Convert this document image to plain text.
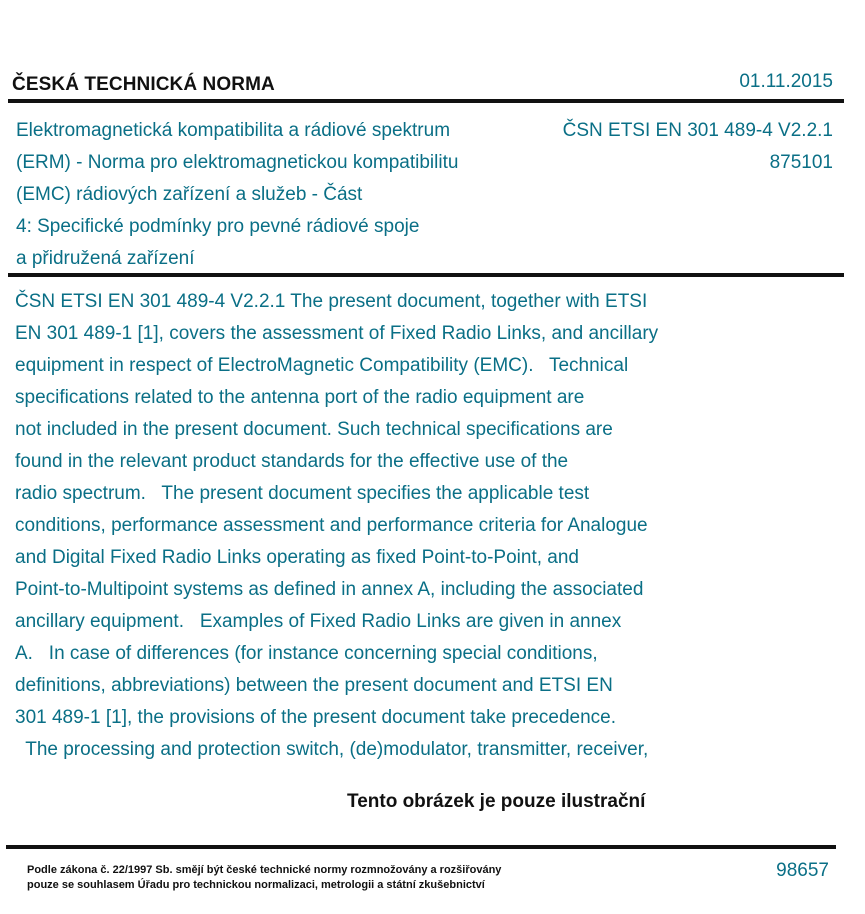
ČESKÁ TECHNICKÁ NORMA	01.11.2015
Elektromagnetická kompatibilita a rádiové spektrum
(ERM) - Norma pro elektromagnetickou kompatibilitu
(EMC) rádiových zařízení a služeb - Část
4: Specifické podmínky pro pevné rádiové spoje
a přidružená zařízení
ČSN ETSI EN 301 489-4 V2.2.1
875101
ČSN ETSI EN 301 489-4 V2.2.1 The present document, together with ETSI
EN 301 489-1 [1], covers the assessment of Fixed Radio Links, and ancillary
equipment in respect of ElectroMagnetic Compatibility (EMC).   Technical
specifications related to the antenna port of the radio equipment are
not included in the present document. Such technical specifications are
found in the relevant product standards for the effective use of the
radio spectrum.   The present document specifies the applicable test
conditions, performance assessment and performance criteria for Analogue
and Digital Fixed Radio Links operating as fixed Point-to-Point, and
Point-to-Multipoint systems as defined in annex A, including the associated
ancillary equipment.   Examples of Fixed Radio Links are given in annex
A.   In case of differences (for instance concerning special conditions,
definitions, abbreviations) between the present document and ETSI EN
301 489-1 [1], the provisions of the present document take precedence.
The processing and protection switch, (de)modulator, transmitter, receiver,
Tento obrázek je pouze ilustrační
Podle zákona č. 22/1997 Sb. smějí být české technické normy rozmnožovány a rozšiřovány
pouze se souhlasem Úřadu pro technickou normalizaci, metrologii a státní zkušebnictví
98657
